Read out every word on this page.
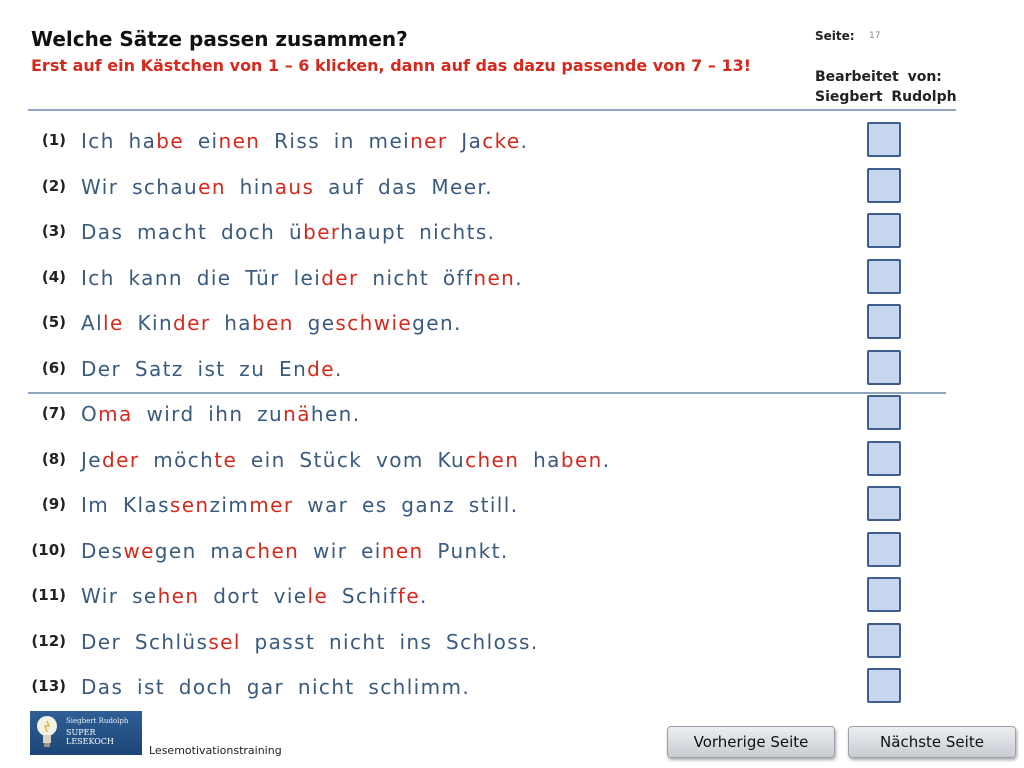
Welche Sätze passen zusammen?
Erst auf ein Kästchen von 1 – 6 klicken, dann auf das dazu passende von 7 – 13!
Seite: 17
Bearbeitet von:
Siegbert Rudolph
(1) Ich habe einen Riss in meiner Jacke.
(2) Wir schauen hinaus auf das Meer.
(3) Das macht doch überhaupt nichts.
(4) Ich kann die Tür leider nicht öffnen.
(5) Alle Kinder haben geschwiegen.
(6) Der Satz ist zu Ende.
(7) Oma wird ihn zunähen.
(8) Jeder möchte ein Stück vom Kuchen haben.
(9) Im Klassenzimmer war es ganz still.
(10) Deswegen machen wir einen Punkt.
(11) Wir sehen dort viele Schiffe.
(12) Der Schlüssel passt nicht ins Schloss.
(13) Das ist doch gar nicht schlimm.
Siegbert Rudolph
SUPER LESEKOCH
Lesemotivationstraining	Vorherige Seite	Nächste Seite
